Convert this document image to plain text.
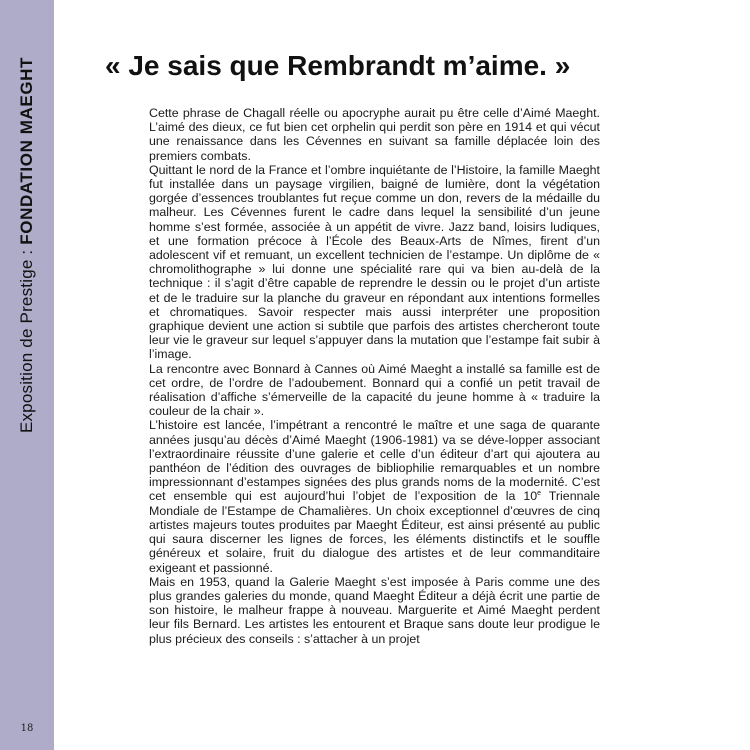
Exposition de Prestige : FONDATION MAEGHT
18
« Je sais que Rembrandt m’aime. »

Cette phrase de Chagall réelle ou apocryphe aurait pu être celle d’Aimé Maeght. L’aimé des dieux, ce fut bien cet orphelin qui perdit son père en 1914 et qui vécut une renaissance dans les Cévennes en suivant sa famille déplacée loin des premiers combats.

Quittant le nord de la France et l’ombre inquiétante de l’Histoire, la famille Maeght fut installée dans un paysage virgilien, baigné de lumière, dont la végétation gorgée d’essences troublantes fut reçue comme un don, revers de la médaille du malheur. Les Cévennes furent le cadre dans lequel la sensibilité d’un jeune homme s’est formée, associée à un appétit de vivre. Jazz band, loisirs ludiques, et une formation précoce à l’École des Beaux-Arts de Nîmes, firent d’un adolescent vif et remuant, un excellent technicien de l’estampe. Un diplôme de « chromolithographe » lui donne une spécialité rare qui va bien au-delà de la technique : il s’agit d’être capable de reprendre le dessin ou le projet d’un artiste et de le traduire sur la planche du graveur en répondant aux intentions formelles et chromatiques. Savoir respecter mais aussi interpréter une proposition graphique devient une action si subtile que parfois des artistes chercheront toute leur vie le graveur sur lequel s’appuyer dans la mutation que l’estampe fait subir à l’image.

La rencontre avec Bonnard à Cannes où Aimé Maeght a installé sa famille est de cet ordre, de l’ordre de l’adoubement. Bonnard qui a confié un petit travail de réalisation d’affiche s’émerveille de la capacité du jeune homme à « traduire la couleur de la chair ».

L’histoire est lancée, l’impétrant a rencontré le maître et une saga de quarante années jusqu’au décès d’Aimé Maeght (1906-1981) va se déve-lopper associant l’extraordinaire réussite d’une galerie et celle d’un éditeur d’art qui ajoutera au panthéon de l’édition des ouvrages de bibliophilie remarquables et un nombre impressionnant d’estampes signées des plus grands noms de la modernité. C’est cet ensemble qui est aujourd’hui l’objet de l’exposition de la 10e Triennale Mondiale de l’Estampe de Chamalières. Un choix exceptionnel d’œuvres de cinq artistes majeurs toutes produites par Maeght Éditeur, est ainsi présenté au public qui saura discerner les lignes de forces, les éléments distinctifs et le souffle généreux et solaire, fruit du dialogue des artistes et de leur commanditaire exigeant et passionné.

Mais en 1953, quand la Galerie Maeght s’est imposée à Paris comme une des plus grandes galeries du monde, quand Maeght Éditeur a déjà écrit une partie de son histoire, le malheur frappe à nouveau. Marguerite et Aimé Maeght perdent leur fils Bernard. Les artistes les entourent et Braque sans doute leur prodigue le plus précieux des conseils : s’attacher à un projet
